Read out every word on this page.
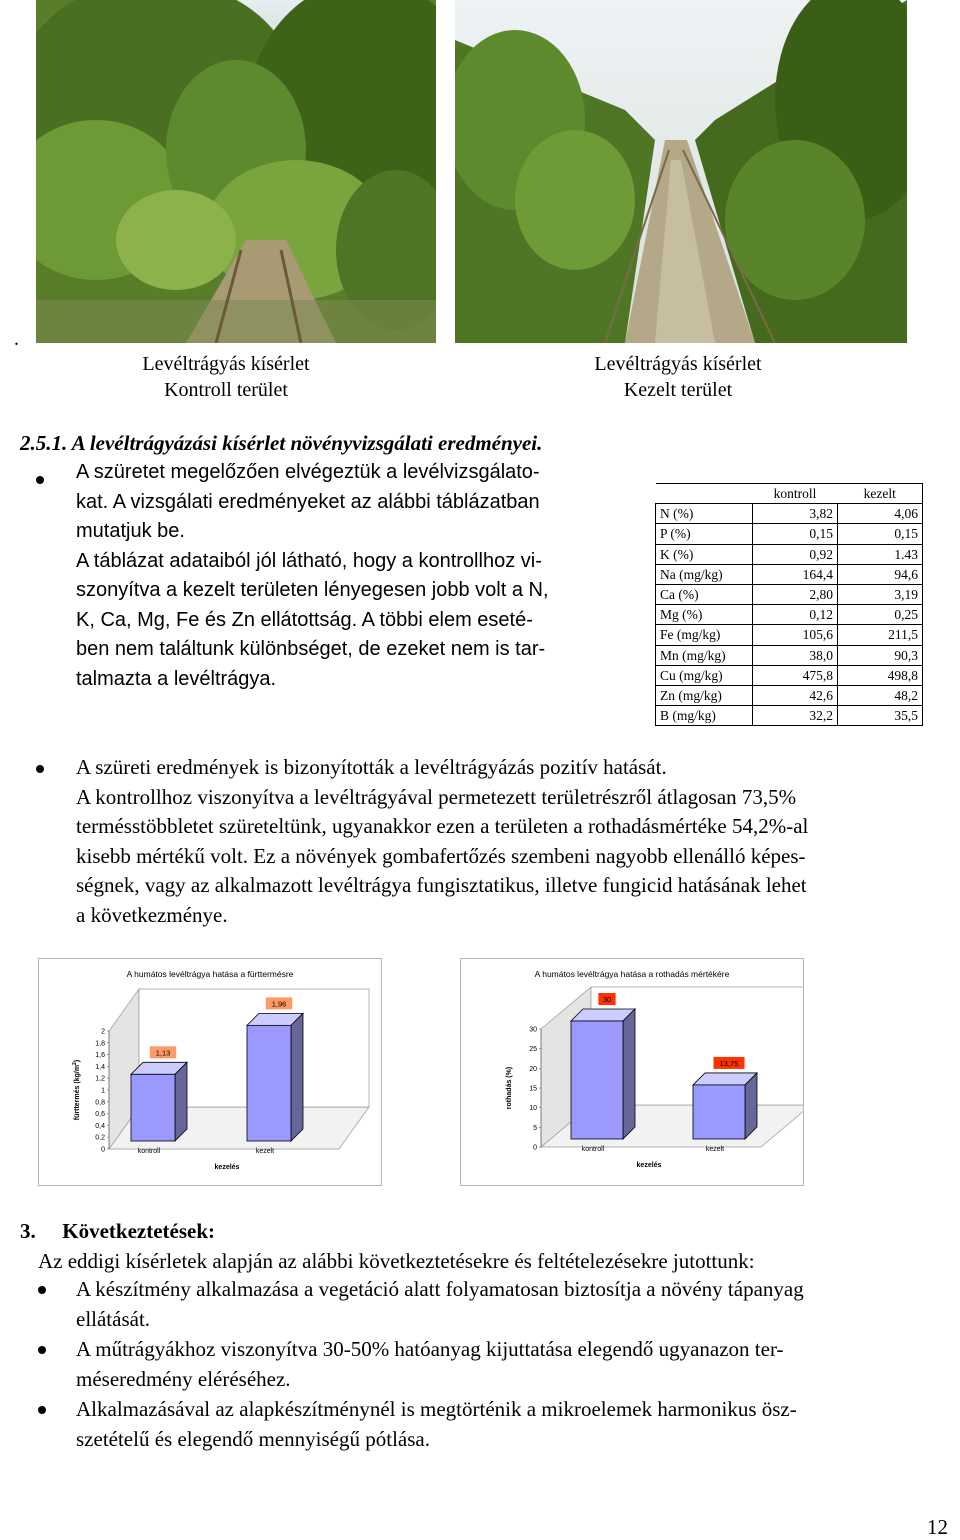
.
Levéltrágyás kísérlet
Kontroll terület
Levéltrágyás kísérlet
Kezelt terület
2.5.1. A levéltrágyázási kísérlet növényvizsgálati eredményei.
A szüretet megelőzően elvégeztük a levélvizsgálato-
kat. A vizsgálati eredményeket az alábbi táblázatban
mutatjuk be.
A táblázat adataiból jól látható, hogy a kontrollhoz vi-
szonyítva a kezelt területen lényegesen jobb volt a N,
K, Ca, Mg, Fe és Zn ellátottság. A többi elem eseté-
ben nem találtunk különbséget, de ezeket nem is tar-
talmazta a levéltrágya.
	kontroll	kezelt
N (%)	3,82	4,06
P (%)	0,15	0,15
K (%)	0,92	1.43
Na (mg/kg)	164,4	94,6
Ca (%)	2,80	3,19
Mg (%)	0,12	0,25
Fe (mg/kg)	105,6	211,5
Mn (mg/kg)	38,0	90,3
Cu (mg/kg)	475,8	498,8
Zn (mg/kg)	42,6	48,2
B (mg/kg)	32,2	35,5
A szüreti eredmények is bizonyították a levéltrágyázás pozitív hatását.
A kontrollhoz viszonyítva a levéltrágyával permetezett területrészről átlagosan 73,5%
termésstöbbletet szüreteltünk, ugyanakkor ezen a területen a rothadásmértéke 54,2%-al
kisebb mértékű volt. Ez a növények gombafertőzés szembeni nagyobb ellenálló képes-
ségnek, vagy az alkalmazott levéltrágya fungisztatikus, illetve fungicid hatásának lehet
a következménye.
A humátos levéltrágya hatása a fürttermésre
0
0,2
0,4
0,6
0,8
1
1,2
1,4
1,6
1,8
2
fürttermés $(kg/m^2)$
1,13
kontroll
1,96
kezelt
kezelés
A humátos levéltrágya hatása a rothadás mértékére
0
5
10
15
20
25
30
rothadás (%)
30
kontroll
13,75
kezelt
kezelés
3. Következtetések:
Az eddigi kísérletek alapján az alábbi következtetésekre és feltételezésekre jutottunk:
A készítmény alkalmazása a vegetáció alatt folyamatosan biztosítja a növény tápanyag
ellátását.
A műtrágyákhoz viszonyítva 30-50% hatóanyag kijuttatása elegendő ugyanazon ter-
méseredmény eléréséhez.
Alkalmazásával az alapkészítménynél is megtörténik a mikroelemek harmonikus ösz-
szetételű és elegendő mennyiségű pótlása.
12
